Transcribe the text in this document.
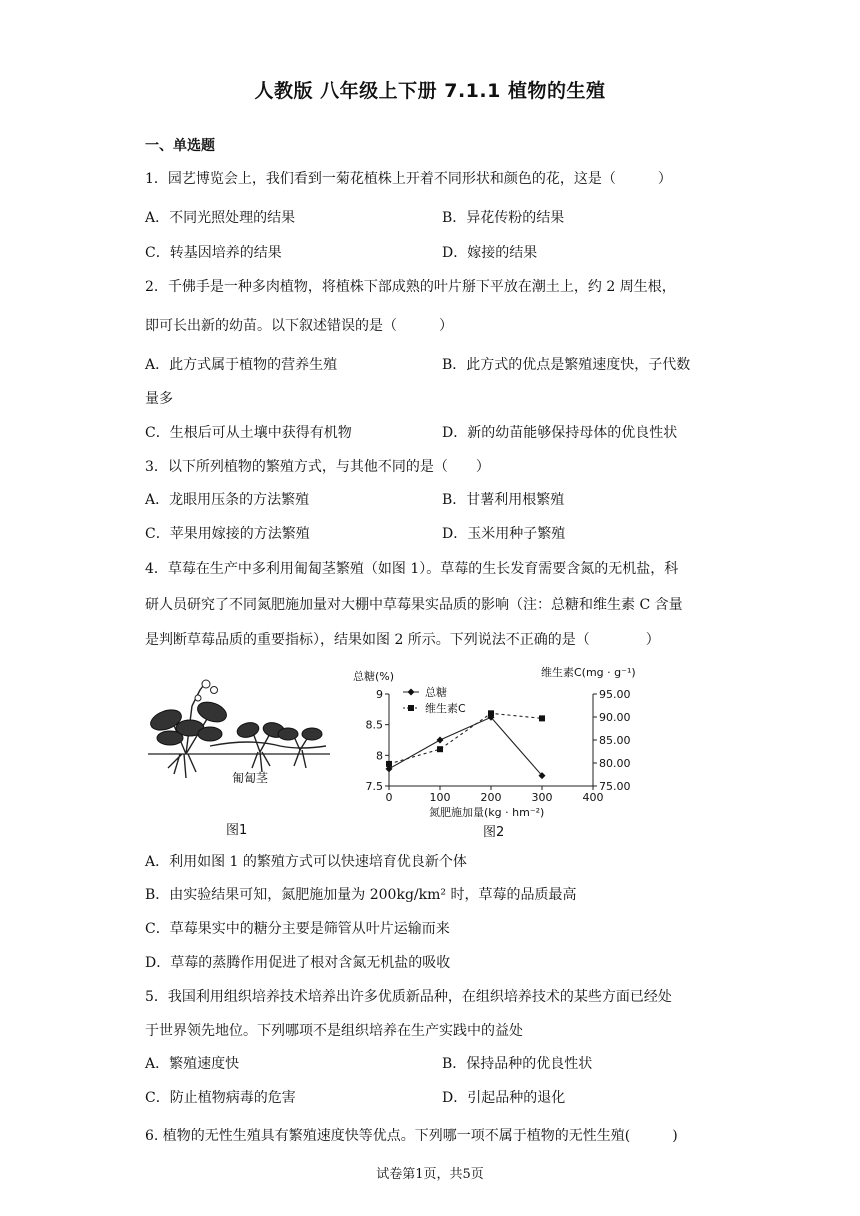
人教版 八年级上下册 7.1.1 植物的生殖
一、单选题
1．园艺博览会上，我们看到一菊花植株上开着不同形状和颜色的花，这是（　　　）
A．不同光照处理的结果	B．异花传粉的结果
C．转基因培养的结果	D．嫁接的结果
2．千佛手是一种多肉植物，将植株下部成熟的叶片掰下平放在潮土上，约 2 周生根，
即可长出新的幼苗。以下叙述错误的是（　　　）
A．此方式属于植物的营养生殖	B．此方式的优点是繁殖速度快，子代数
量多
C．生根后可从土壤中获得有机物	D．新的幼苗能够保持母体的优良性状
3．以下所列植物的繁殖方式，与其他不同的是（　　）
A．龙眼用压条的方法繁殖	B．甘薯利用根繁殖
C．苹果用嫁接的方法繁殖	D．玉米用种子繁殖
4．草莓在生产中多利用匍匐茎繁殖（如图 1）。草莓的生长发育需要含氮的无机盐，科
研人员研究了不同氮肥施加量对大棚中草莓果实品质的影响（注：总糖和维生素 C 含量
是判断草莓品质的重要指标），结果如图 2 所示。下列说法不正确的是（　　　　）
匍匐茎
图1
总糖(%)	维生素C(mg · g⁻¹)
氮肥施加量(kg · hm⁻²)
图2
0	100	200	300	400
7.5
8
8.5
9
75.00
80.00
85.00
90.00
95.00
总糖
维生素C
A．利用如图 1 的繁殖方式可以快速培育优良新个体
B．由实验结果可知，氮肥施加量为 200kg/km² 时，草莓的品质最高
C．草莓果实中的糖分主要是筛管从叶片运输而来
D．草莓的蒸腾作用促进了根对含氮无机盐的吸收
5．我国利用组织培养技术培养出许多优质新品种，在组织培养技术的某些方面已经处
于世界领先地位。下列哪项不是组织培养在生产实践中的益处
A．繁殖速度快	B．保持品种的优良性状
C．防止植物病毒的危害	D．引起品种的退化
6. 植物的无性生殖具有繁殖速度快等优点。下列哪一项不属于植物的无性生殖(　　　)
试卷第1页，共5页
